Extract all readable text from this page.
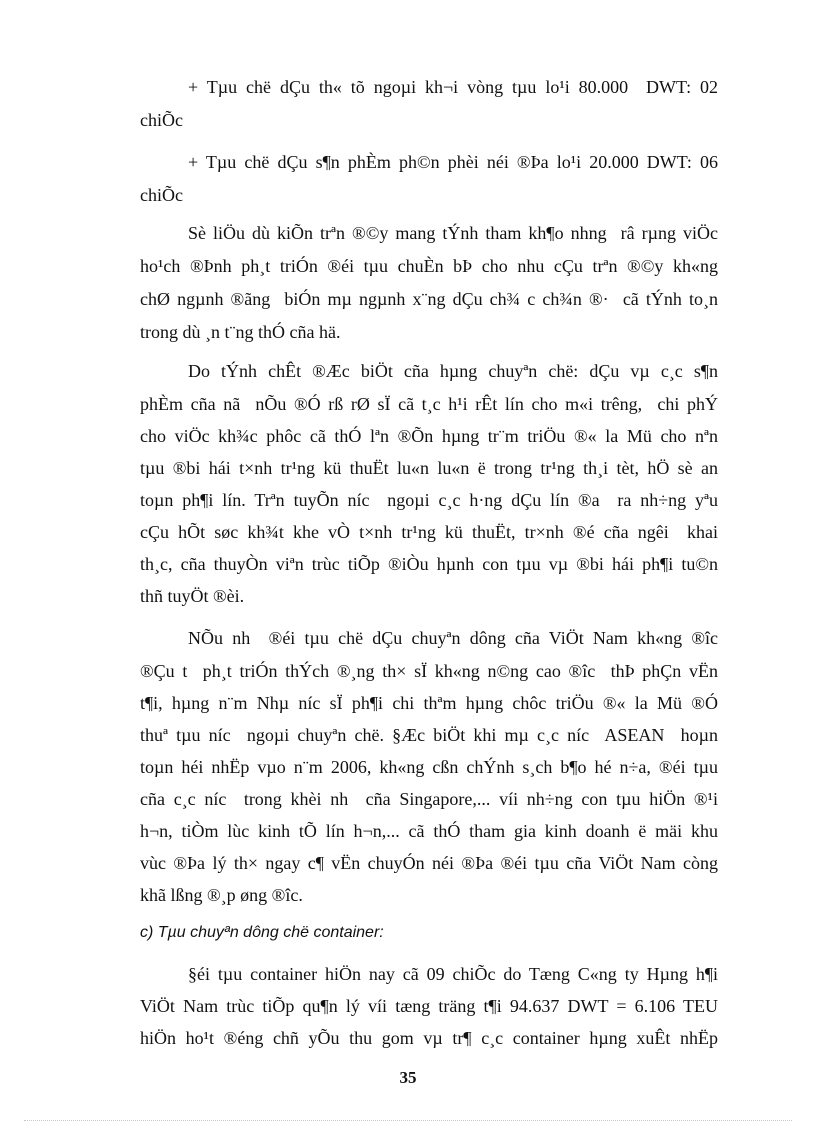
+ Tµu chë dÇu th« tõ ngoµi kh¬i vòng tµu lo¹i 80.000  DWT: 02
chiÕc
+ Tµu chë dÇu s¶n phÈm ph©n phèi néi ®Þa lo¹i 20.000 DWT: 06
chiÕc
Sè liÖu dù kiÕn trªn ®©y mang tÝnh tham kh¶o nhng  râ rµng viÖc
ho¹ch ®Þnh ph¸t triÓn ®éi tµu chuÈn bÞ cho nhu cÇu trªn ®©y kh«ng
chØ ngµnh ®ãng  biÓn mµ ngµnh x¨ng dÇu ch¾ c ch¾n ®·  cã tÝnh to¸n
trong dù ¸n t¨ng thÓ cña hä.
Do tÝnh chÊt ®Æc biÖt cña hµng chuyªn chë: dÇu vµ c¸c s¶n
phÈm cña nã  nÕu ®Ó rß rØ sÏ cã t¸c h¹i rÊt lín cho m«i trêng,  chi phÝ
cho viÖc kh¾c phôc cã thÓ lªn ®Õn hµng tr¨m triÖu ®« la Mü cho nªn
tµu ®bi hái t×nh tr¹ng kü thuËt lu«n lu«n ë trong tr¹ng th¸i tèt, hÖ sè an
toµn ph¶i lín. Trªn tuyÕn níc  ngoµi c¸c h·ng dÇu lín ®a  ra nh÷ng yªu
cÇu hÕt søc kh¾t khe vÒ t×nh tr¹ng kü thuËt, tr×nh ®é cña ngêi  khai
th¸c, cña thuyÒn viªn trùc tiÕp ®iÒu hµnh con tµu vµ ®bi hái ph¶i tu©n
thñ tuyÖt ®èi.
NÕu nh  ®éi tµu chë dÇu chuyªn dông cña ViÖt Nam kh«ng ®îc
®Çu t  ph¸t triÓn thÝch ®¸ng th× sÏ kh«ng n©ng cao ®îc  thÞ phÇn vËn
t¶i, hµng n¨m Nhµ níc sÏ ph¶i chi thªm hµng chôc triÖu ®« la Mü ®Ó
thuª tµu níc  ngoµi chuyªn chë. §Æc biÖt khi mµ c¸c níc  ASEAN  hoµn
toµn héi nhËp vµo n¨m 2006, kh«ng cßn chÝnh s¸ch b¶o hé n÷a, ®éi tµu
cña c¸c níc  trong khèi nh  cña Singapore,... víi nh÷ng con tµu hiÖn ®¹i
h¬n, tiÒm lùc kinh tÕ lín h¬n,... cã thÓ tham gia kinh doanh ë mäi khu
vùc ®Þa lý th× ngay c¶ vËn chuyÓn néi ®Þa ®éi tµu cña ViÖt Nam còng
khã lßng ®¸p øng ®îc.
c) Tµu chuyªn dông chë container:
§éi tµu container hiÖn nay cã 09 chiÕc do Tæng C«ng ty Hµng h¶i
ViÖt Nam trùc tiÕp qu¶n lý víi tæng träng t¶i 94.637 DWT = 6.106 TEU
hiÖn ho¹t ®éng chñ yÕu thu gom vµ tr¶ c¸c container hµng xuÊt nhËp
35
